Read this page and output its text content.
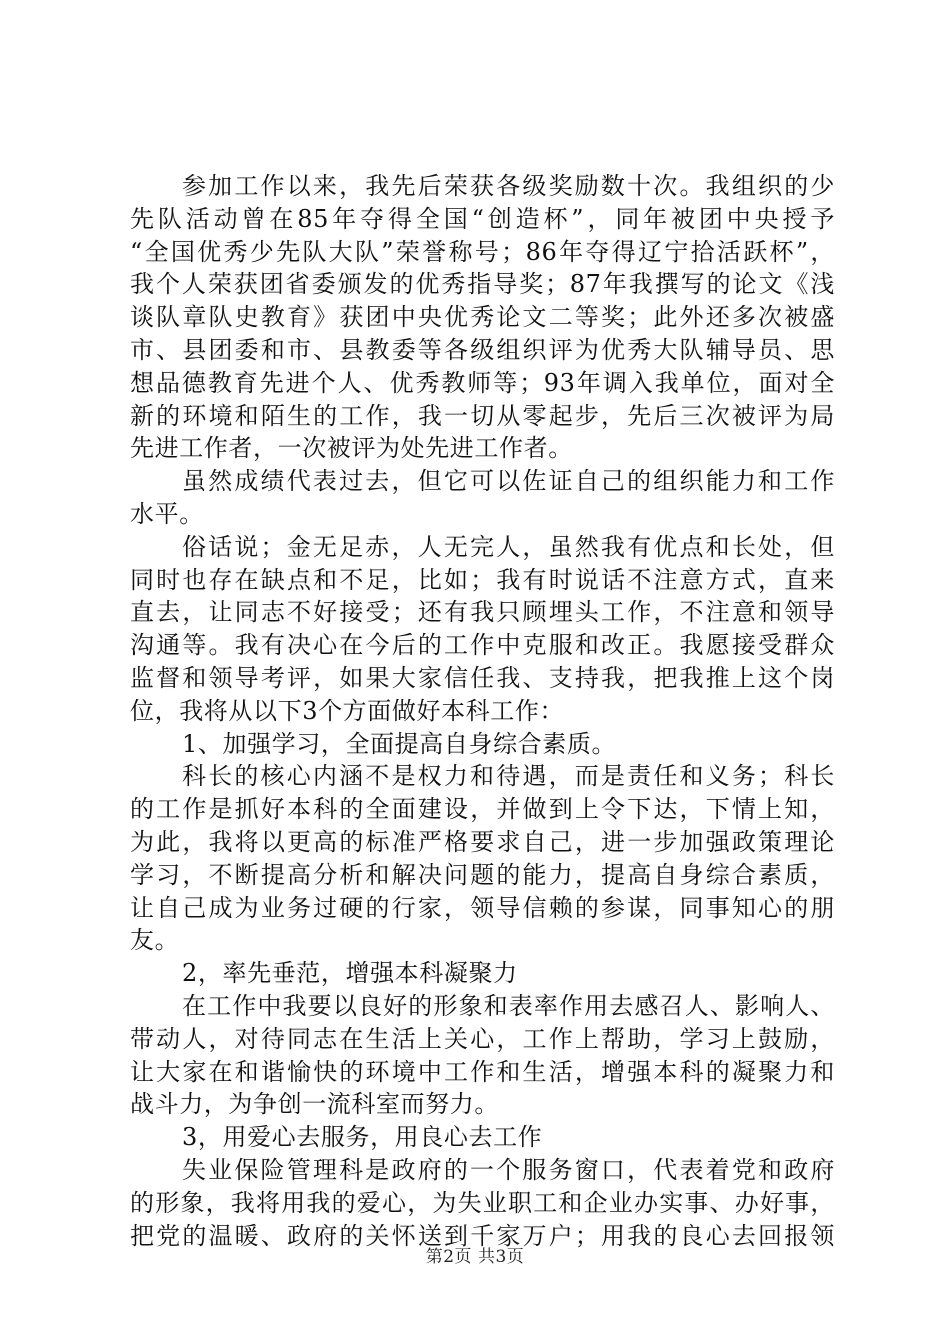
参加工作以来，我先后荣获各级奖励数十次。我组织的少
先队活动曾在85年夺得全国“创造杯”，同年被团中央授予
“全国优秀少先队大队”荣誉称号；86年夺得辽宁拾活跃杯”，
我个人荣获团省委颁发的优秀指导奖；87年我撰写的论文《浅
谈队章队史教育》获团中央优秀论文二等奖；此外还多次被盛
市、县团委和市、县教委等各级组织评为优秀大队辅导员、思
想品德教育先进个人、优秀教师等；93年调入我单位，面对全
新的环境和陌生的工作，我一切从零起步，先后三次被评为局
先进工作者，一次被评为处先进工作者。
虽然成绩代表过去，但它可以佐证自己的组织能力和工作
水平。
俗话说；金无足赤，人无完人，虽然我有优点和长处，但
同时也存在缺点和不足，比如；我有时说话不注意方式，直来
直去，让同志不好接受；还有我只顾埋头工作，不注意和领导
沟通等。我有决心在今后的工作中克服和改正。我愿接受群众
监督和领导考评，如果大家信任我、支持我，把我推上这个岗
位，我将从以下3个方面做好本科工作：
1、加强学习，全面提高自身综合素质。
科长的核心内涵不是权力和待遇，而是责任和义务；科长
的工作是抓好本科的全面建设，并做到上令下达，下情上知，
为此，我将以更高的标准严格要求自己，进一步加强政策理论
学习，不断提高分析和解决问题的能力，提高自身综合素质，
让自己成为业务过硬的行家，领导信赖的参谋，同事知心的朋
友。
2，率先垂范，增强本科凝聚力
在工作中我要以良好的形象和表率作用去感召人、影响人、
带动人，对待同志在生活上关心，工作上帮助，学习上鼓励，
让大家在和谐愉快的环境中工作和生活，增强本科的凝聚力和
战斗力，为争创一流科室而努力。
3，用爱心去服务，用良心去工作
失业保险管理科是政府的一个服务窗口，代表着党和政府
的形象，我将用我的爱心，为失业职工和企业办实事、办好事，
把党的温暖、政府的关怀送到千家万户；用我的良心去回报领
第2页 共3页
